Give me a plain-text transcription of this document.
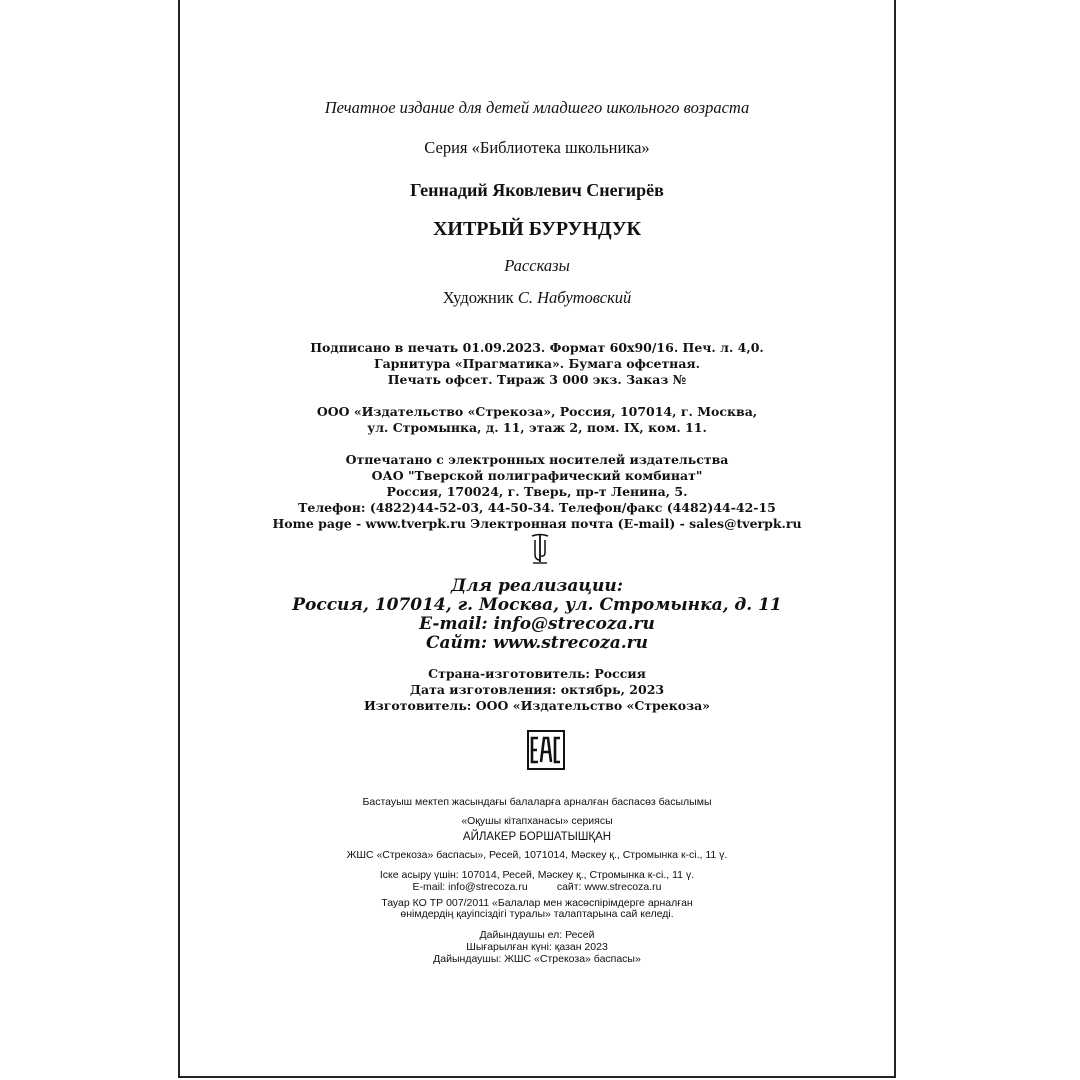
Печатное издание для детей младшего школьного возраста
Серия «Библиотека школьника»
Геннадий Яковлевич Снегирёв
ХИТРЫЙ БУРУНДУК
Рассказы
Художник С. Набутовский
Подписано в печать 01.09.2023. Формат 60х90/16. Печ. л. 4,0.
Гарнитура «Прагматика». Бумага офсетная.
Печать офсет. Тираж 3 000 экз. Заказ №
ООО «Издательство «Стрекоза», Россия, 107014, г. Москва,
ул. Стромынка, д. 11, этаж 2, пом. IX, ком. 11.
Отпечатано с электронных носителей издательства
ОАО "Тверской полиграфический комбинат"
Россия, 170024, г. Тверь, пр-т Ленина, 5.
Телефон: (4822)44-52-03, 44-50-34. Телефон/факс (4482)44-42-15
Home page - www.tverpk.ru Электронная почта (E-mail) - sales@tverpk.ru
Для реализации:
Россия, 107014, г. Москва, ул. Стромынка, д. 11
E-mail: info@strecoza.ru
Сайт: www.strecoza.ru
Страна-изготовитель: Россия
Дата изготовления: октябрь, 2023
Изготовитель: ООО «Издательство «Стрекоза»
Бастауыш мектеп жасындағы балаларға арналған баспасөз басылымы
«Оқушы кітапханасы» сериясы
АЙЛАКЕР БОРШАТЫШҚАН
ЖШС «Стрекоза» баспасы», Ресей, 1071014, Мәскеу қ., Стромынка к-сі., 11 ү.
Іске асыру үшін: 107014, Ресей, Мәскеу қ., Стромынка к-сі., 11 ү.
E-mail: info@strecoza.ru          сайт: www.strecoza.ru
Тауар КО ТР 007/2011 «Балалар мен жасөспірімдерге арналған
өнімдердің қауіпсіздігі туралы» талаптарына сай келеді.
Дайындаушы ел: Ресей
Шығарылған күні: қазан 2023
Дайындаушы: ЖШС «Стрекоза» баспасы»
